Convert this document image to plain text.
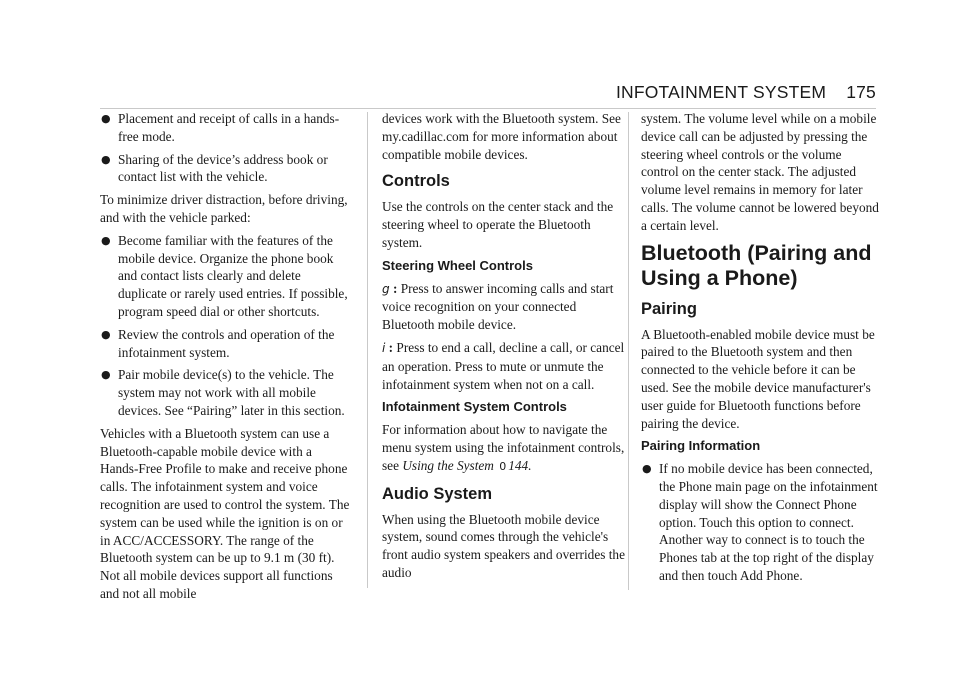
INFOTAINMENT SYSTEM 175
● Placement and receipt of calls in a hands-free mode.
● Sharing of the device’s address book or contact list with the vehicle.

To minimize driver distraction, before driving, and with the vehicle parked:

● Become familiar with the features of the mobile device. Organize the phone book and contact lists clearly and delete duplicate or rarely used entries. If possible, program speed dial or other shortcuts.
● Review the controls and operation of the infotainment system.
● Pair mobile device(s) to the vehicle. The system may not work with all mobile devices. See “Pairing” later in this section.

Vehicles with a Bluetooth system can use a Bluetooth-capable mobile device with a Hands-Free Profile to make and receive phone calls. The infotainment system and voice recognition are used to control the system. The system can be used while the ignition is on or in ACC/ACCESSORY. The range of the Bluetooth system can be up to 9.1 m (30 ft). Not all mobile devices support all functions and not all mobile

devices work with the Bluetooth system. See my.cadillac.com for more information about compatible mobile devices.

Controls

Use the controls on the center stack and the steering wheel to operate the Bluetooth system.

Steering Wheel Controls

g : Press to answer incoming calls and start voice recognition on your connected Bluetooth mobile device.

i : Press to end a call, decline a call, or cancel an operation. Press to mute or unmute the infotainment system when not on a call.

Infotainment System Controls

For information about how to navigate the menu system using the infotainment controls, see Using the System 0 144.

Audio System

When using the Bluetooth mobile device system, sound comes through the vehicle's front audio system speakers and overrides the audio

system. The volume level while on a mobile device call can be adjusted by pressing the steering wheel controls or the volume control on the center stack. The adjusted volume level remains in memory for later calls. The volume cannot be lowered beyond a certain level.

Bluetooth (Pairing and Using a Phone)
Pairing

A Bluetooth-enabled mobile device must be paired to the Bluetooth system and then connected to the vehicle before it can be used. See the mobile device manufacturer's user guide for Bluetooth functions before pairing the device.

Pairing Information
● If no mobile device has been connected, the Phone main page on the infotainment display will show the Connect Phone option. Touch this option to connect. Another way to connect is to touch the Phones tab at the top right of the display and then touch Add Phone.
